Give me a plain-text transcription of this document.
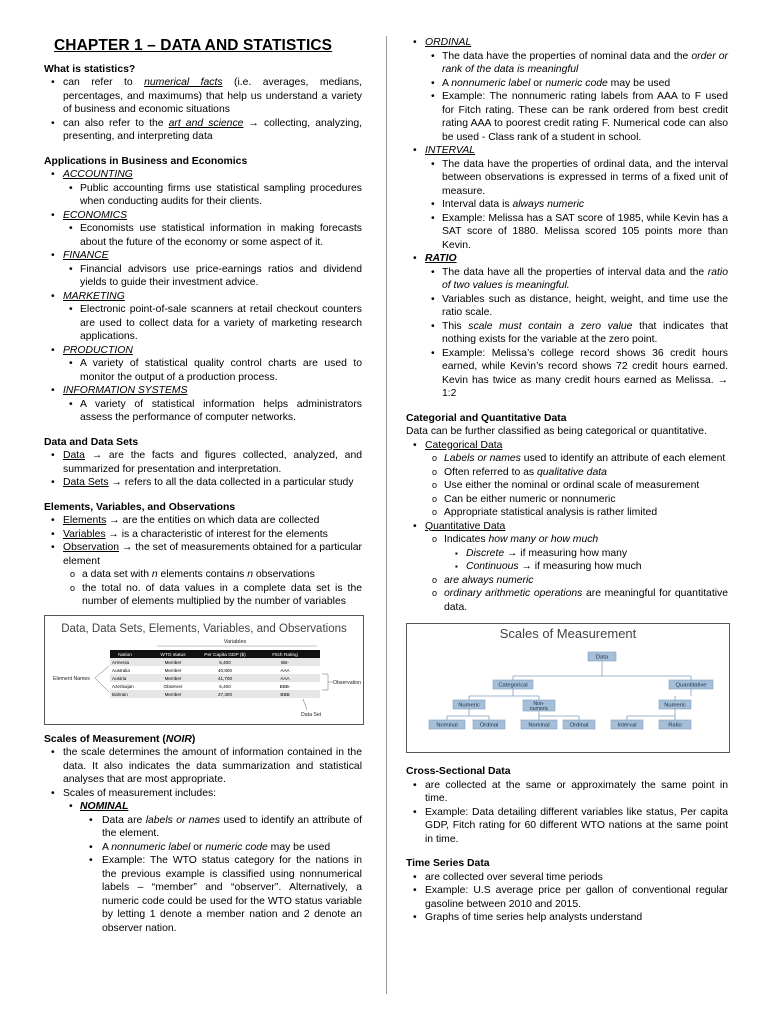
CHAPTER 1 – DATA AND STATISTICS

What is statistics?

• can refer to numerical facts (i.e. averages, medians, percentages, and maximums) that help us understand a variety of business and economic situations
• can also refer to the art and science → collecting, analyzing, presenting, and interpreting data

Applications in Business and Economics

• ACCOUNTING
• Public accounting firms use statistical sampling procedures when conducting audits for their clients.
• ECONOMICS
• Economists use statistical information in making forecasts about the future of the economy or some aspect of it.
• FINANCE
• Financial advisors use price-earnings ratios and dividend yields to guide their investment advice.
• MARKETING
• Electronic point-of-sale scanners at retail checkout counters are used to collect data for a variety of marketing research applications.
• PRODUCTION
• A variety of statistical quality control charts are used to monitor the output of a production process.
• INFORMATION SYSTEMS
• A variety of statistical information helps administrators assess the performance of computer networks.

Data and Data Sets

• Data → are the facts and figures collected, analyzed, and summarized for presentation and interpretation.
• Data Sets → refers to all the data collected in a particular study

Elements, Variables, and Observations

• Elements → are the entities on which data are collected
• Variables → is a characteristic of interest for the elements
• Observation → the set of measurements obtained for a particular element
o a data set with n elements contains n observations
o the total no. of data values in a complete data set is the number of elements multiplied by the number of variables
Data, Data Sets, Elements, Variables, and Observations
Variables
Nation	WTO status	Per Capita GDP ($)	Fitch Rating
Armenia	Member	5,400	BB-
Australia	Member	40,800	AAA
Austria	Member	41,700	AAA
Azerbaijan	Observer	5,400	BBB-
Bahrain	Member	27,300	BBB
Element Names
Observation
Data Set

Scales of Measurement (NOIR)

• the scale determines the amount of information contained in the data. It also indicates the data summarization and statistical analyses that are most appropriate.
• Scales of measurement includes:
• NOMINAL
• Data are labels or names used to identify an attribute of the element.
• A nonnumeric label or numeric code may be used
• Example: The WTO status category for the nations in the previous example is classified using nonnumerical labels – “member” and “observer”. Alternatively, a numeric code could be used for the WTO status variable by letting 1 denote a member nation and 2 denote an observer nation.
• ORDINAL
• The data have the properties of nominal data and the order or rank of the data is meaningful
• A nonnumeric label or numeric code may be used
• Example: The nonnumeric rating labels from AAA to F used for Fitch rating. These can be rank ordered from best credit rating AAA to poorest credit rating F. Numerical code can also be used - Class rank of a student in school.
• INTERVAL
• The data have the properties of ordinal data, and the interval between observations is expressed in terms of a fixed unit of measure.
• Interval data is always numeric
• Example: Melissa has a SAT score of 1985, while Kevin has a SAT score of 1880. Melissa scored 105 points more than Kevin.
• RATIO
• The data have all the properties of interval data and the ratio of two values is meaningful.
• Variables such as distance, height, weight, and time use the ratio scale.
• This scale must contain a zero value that indicates that nothing exists for the variable at the zero point.
• Example: Melissa’s college record shows 36 credit hours earned, while Kevin’s record shows 72 credit hours earned. Kevin has twice as many credit hours earned as Melissa. → 1:2

Categorial and Quantitative Data

Data can be further classified as being categorical or quantitative.

• Categorical Data
o Labels or names used to identify an attribute of each element
o Often referred to as qualitative data
o Use either the nominal or ordinal scale of measurement
o Can be either numeric or nonnumeric
o Appropriate statistical analysis is rather limited
• Quantitative Data
o Indicates how many or how much
▪ Discrete → if measuring how many
▪ Continuous → if measuring how much
o are always numeric
o ordinary arithmetic operations are meaningful for quantitative data.
Scales of Measurement
Data
Categorical	Quantitative
Numeric	Non-
numeric
Numeric
Nominal	Ordinal	Nominal	Ordinal	Interval	Ratio

Cross-Sectional Data

• are collected at the same or approximately the same point in time.
• Example: Data detailing different variables like status, Per capita GDP, Fitch rating for 60 different WTO nations at the same point in time.

Time Series Data

• are collected over several time periods
• Example: U.S average price per gallon of conventional regular gasoline between 2010 and 2015.
• Graphs of time series help analysts understand
